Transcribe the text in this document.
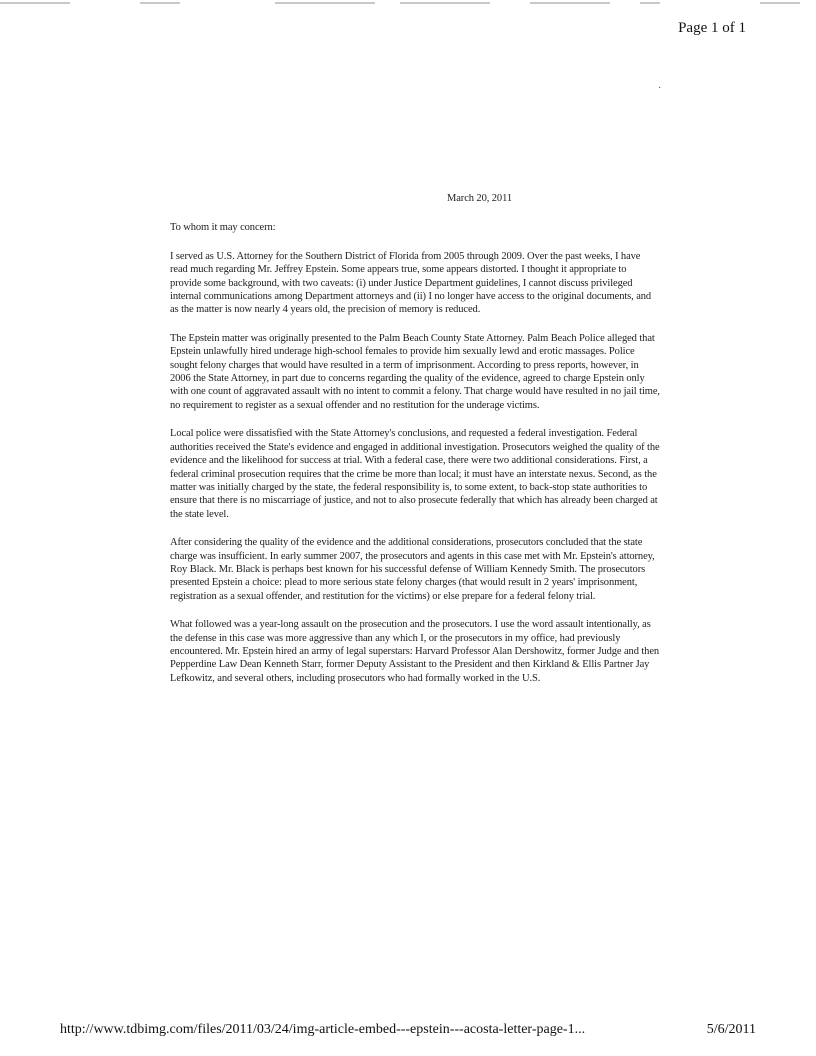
Page 1 of 1
·

March 20, 2011

To whom it may concern:

I served as U.S. Attorney for the Southern District of Florida from 2005 through 2009. Over the past weeks, I have read much regarding Mr. Jeffrey Epstein. Some appears true, some appears distorted. I thought it appropriate to provide some background, with two caveats: (i) under Justice Department guidelines, I cannot discuss privileged internal communications among Department attorneys and (ii) I no longer have access to the original documents, and as the matter is now nearly 4 years old, the precision of memory is reduced.

The Epstein matter was originally presented to the Palm Beach County State Attorney. Palm Beach Police alleged that Epstein unlawfully hired underage high-school females to provide him sexually lewd and erotic massages. Police sought felony charges that would have resulted in a term of imprisonment. According to press reports, however, in 2006 the State Attorney, in part due to concerns regarding the quality of the evidence, agreed to charge Epstein only with one count of aggravated assault with no intent to commit a felony. That charge would have resulted in no jail time, no requirement to register as a sexual offender and no restitution for the underage victims.

Local police were dissatisfied with the State Attorney's conclusions, and requested a federal investigation. Federal authorities received the State's evidence and engaged in additional investigation. Prosecutors weighed the quality of the evidence and the likelihood for success at trial. With a federal case, there were two additional considerations. First, a federal criminal prosecution requires that the crime be more than local; it must have an interstate nexus. Second, as the matter was initially charged by the state, the federal responsibility is, to some extent, to back-stop state authorities to ensure that there is no miscarriage of justice, and not to also prosecute federally that which has already been charged at the state level.

After considering the quality of the evidence and the additional considerations, prosecutors concluded that the state charge was insufficient. In early summer 2007, the prosecutors and agents in this case met with Mr. Epstein's attorney, Roy Black. Mr. Black is perhaps best known for his successful defense of William Kennedy Smith. The prosecutors presented Epstein a choice: plead to more serious state felony charges (that would result in 2 years' imprisonment, registration as a sexual offender, and restitution for the victims) or else prepare for a federal felony trial.

What followed was a year-long assault on the prosecution and the prosecutors. I use the word assault intentionally, as the defense in this case was more aggressive than any which I, or the prosecutors in my office, had previously encountered. Mr. Epstein hired an army of legal superstars: Harvard Professor Alan Dershowitz, former Judge and then Pepperdine Law Dean Kenneth Starr, former Deputy Assistant to the President and then Kirkland & Ellis Partner Jay Lefkowitz, and several others, including prosecutors who had formally worked in the U.S.

http://www.tdbimg.com/files/2011/03/24/img-article-embed---epstein---acosta-letter-page-1...	5/6/2011
